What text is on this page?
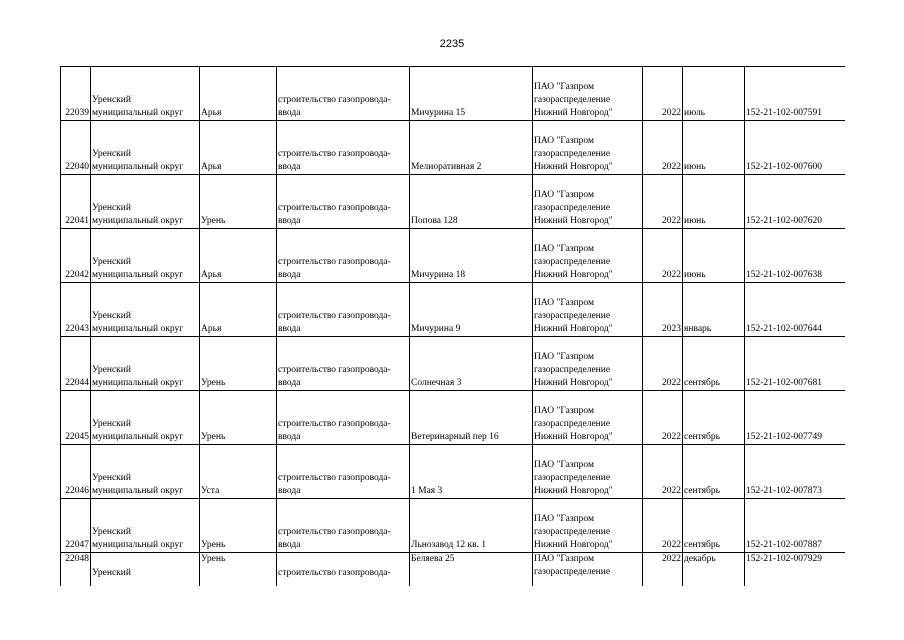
2235
22039	Уренский муниципальный округ	Арья	строительство газопровода-ввода	Мичурина 15	ПАО "Газпром газораспределение Нижний Новгород"	2022	июль	152-21-102-007591
22040	Уренский муниципальный округ	Арья	строительство газопровода-ввода	Мелиоративная 2	ПАО "Газпром газораспределение Нижний Новгород"	2022	июнь	152-21-102-007600
22041	Уренский муниципальный округ	Урень	строительство газопровода-ввода	Попова 128	ПАО "Газпром газораспределение Нижний Новгород"	2022	июнь	152-21-102-007620
22042	Уренский муниципальный округ	Арья	строительство газопровода-ввода	Мичурина 18	ПАО "Газпром газораспределение Нижний Новгород"	2022	июнь	152-21-102-007638
22043	Уренский муниципальный округ	Арья	строительство газопровода-ввода	Мичурина 9	ПАО "Газпром газораспределение Нижний Новгород"	2023	январь	152-21-102-007644
22044	Уренский муниципальный округ	Урень	строительство газопровода-ввода	Солнечная 3	ПАО "Газпром газораспределение Нижний Новгород"	2022	сентябрь	152-21-102-007681
22045	Уренский муниципальный округ	Урень	строительство газопровода-ввода	Ветеринарный пер 16	ПАО "Газпром газораспределение Нижний Новгород"	2022	сентябрь	152-21-102-007749
22046	Уренский муниципальный округ	Уста	строительство газопровода-ввода	1 Мая 3	ПАО "Газпром газораспределение Нижний Новгород"	2022	сентябрь	152-21-102-007873
22047	Уренский муниципальный округ	Урень	строительство газопровода-ввода	Льнозавод 12 кв. 1	ПАО "Газпром газораспределение Нижний Новгород"	2022	сентябрь	152-21-102-007887
22048	Уренский	Урень	строительство газопровода-	Беляева 25	ПАО "Газпром газораспределение	2022	декабрь	152-21-102-007929
